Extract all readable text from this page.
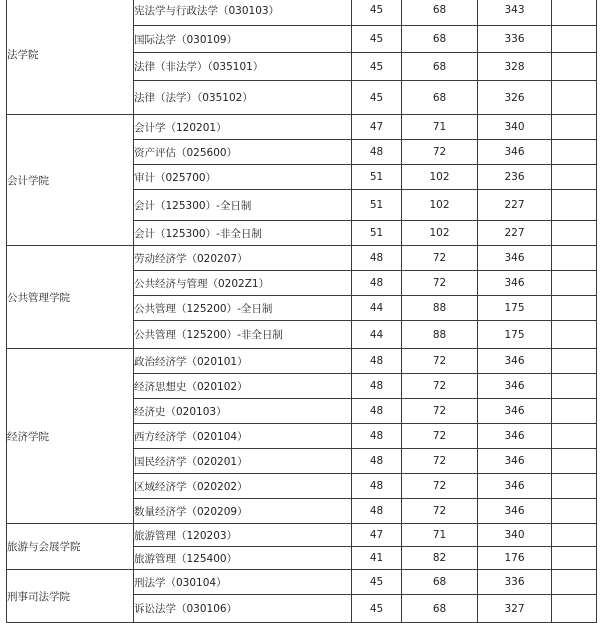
法学院	宪法学与行政法学（030103）	45	68	343	
	国际法学（030109）	45	68	336	
	法律（非法学）（035101）	45	68	328	
	法律（法学）（035102）	45	68	326	
会计学院	会计学（120201）	47	71	340	
	资产评估（025600）	48	72	346	
	审计（025700）	51	102	236	
	会计（125300）-全日制	51	102	227	
	会计（125300）-非全日制	51	102	227	
公共管理学院	劳动经济学（020207）	48	72	346	
	公共经济与管理（0202Z1）	48	72	346	
	公共管理（125200）-全日制	44	88	175	
	公共管理（125200）-非全日制	44	88	175	
经济学院	政治经济学（020101）	48	72	346	
	经济思想史（020102）	48	72	346	
	经济史（020103）	48	72	346	
	西方经济学（020104）	48	72	346	
	国民经济学（020201）	48	72	346	
	区域经济学（020202）	48	72	346	
	数量经济学（020209）	48	72	346	
旅游与会展学院	旅游管理（120203）	47	71	340	
	旅游管理（125400）	41	82	176	
刑事司法学院	刑法学（030104）	45	68	336	
	诉讼法学（030106）	45	68	327	
